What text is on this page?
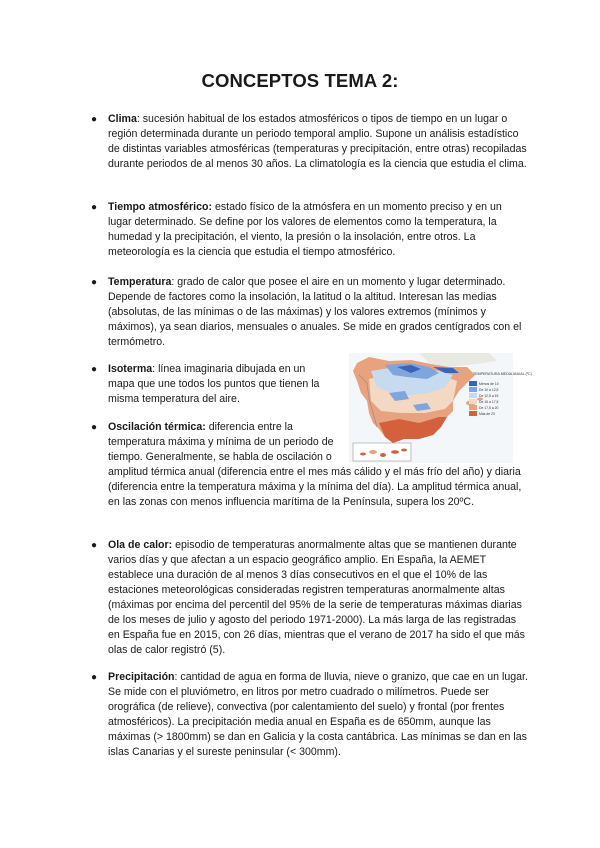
CONCEPTOS TEMA 2:
● Clima: sucesión habitual de los estados atmosféricos o tipos de tiempo en un lugar o región determinada durante un periodo temporal amplio. Supone un análisis estadístico de distintas variables atmosféricas (temperaturas y precipitación, entre otras) recopiladas durante periodos de al menos 30 años. La climatología es la ciencia que estudia el clima.
● Tiempo atmosférico: estado físico de la atmósfera en un momento preciso y en un lugar determinado. Se define por los valores de elementos como la temperatura, la humedad y la precipitación, el viento, la presión o la insolación, entre otros. La meteorología es la ciencia que estudia el tiempo atmosférico.
● Temperatura: grado de calor que posee el aire en un momento y lugar determinado. Depende de factores como la insolación, la latitud o la altitud. Interesan las medias (absolutas, de las mínimas o de las máximas) y los valores extremos (mínimos y máximos), ya sean diarios, mensuales o anuales. Se mide en grados centígrados con el termómetro.
● Isoterma: línea imaginaria dibujada en un mapa que une todos los puntos que tienen la misma temperatura del aire.
TEMPERATURA MEDIA ANUAL (ºC)
Menos de 10
De 10 a 12,5
De 12,5 a 15
De 15 a 17,5
De 17,5 a 20
Más de 20
● Oscilación térmica: diferencia entre la temperatura máxima y mínima de un periodo de tiempo. Generalmente, se habla de oscilación o amplitud térmica anual (diferencia entre el mes más cálido y el más frío del año) y diaria (diferencia entre la temperatura máxima y la mínima del día). La amplitud térmica anual, en las zonas con menos influencia marítima de la Península, supera los 20ºC.
● Ola de calor: episodio de temperaturas anormalmente altas que se mantienen durante varios días y que afectan a un espacio geográfico amplio. En España, la AEMET establece una duración de al menos 3 días consecutivos en el que el 10% de las estaciones meteorológicas consideradas registren temperaturas anormalmente altas (máximas por encima del percentil del 95% de la serie de temperaturas máximas diarias de los meses de julio y agosto del periodo 1971-2000). La más larga de las registradas en España fue en 2015, con 26 días, mientras que el verano de 2017 ha sido el que más olas de calor registró (5).
● Precipitación: cantidad de agua en forma de lluvia, nieve o granizo, que cae en un lugar. Se mide con el pluviómetro, en litros por metro cuadrado o milímetros. Puede ser orográfica (de relieve), convectiva (por calentamiento del suelo) y frontal (por frentes atmosféricos). La precipitación media anual en España es de 650mm, aunque las máximas (> 1800mm) se dan en Galicia y la costa cantábrica. Las mínimas se dan en las islas Canarias y el sureste peninsular (< 300mm).
